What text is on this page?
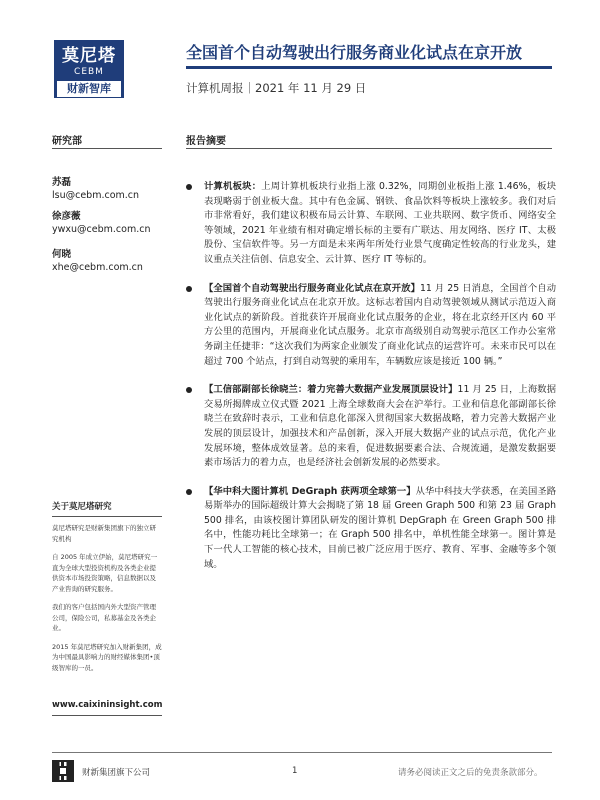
莫尼塔
CEBM
财新智库
全国首个自动驾驶出行服务商业化试点在京开放
计算机周报｜2021 年 11 月 29 日
研究部	报告摘要
苏磊
lsu@cebm.com.cn
徐彦薇
ywxu@cebm.com.cn
何晓
xhe@cebm.com.cn
关于莫尼塔研究

莫尼塔研究是财新集团旗下的独立研究机构

自 2005 年成立伊始，莫尼塔研究一直为全球大型投资机构及各类企业提供资本市场投资策略，信息数据以及产业咨询的研究服务。

我们的客户包括国内外大型资产管理公司，保险公司，私募基金及各类企业。

2015 年莫尼塔研究加入财新集团，成为中国最具影响力的财经媒体集团•顶级智库的一员。

www.caixininsight.com
计算机板块：上周计算机板块行业指上涨 0.32%，同期创业板指上涨 1.46%，板块表现略弱于创业板大盘。其中有色金属、钢铁、食品饮料等板块上涨较多。我们对后市非常看好，我们建议积极布局云计算、车联网、工业共联网、数字货币、网络安全等领域，2021 年业绩有相对确定增长标的主要有广联达、用友网络、医疗 IT、太极股份、宝信软件等。另一方面是未来两年所处行业景气度确定性较高的行业龙头，建议重点关注信创、信息安全、云计算、医疗 IT 等标的。
【全国首个自动驾驶出行服务商业化试点在京开放】11 月 25 日消息，全国首个自动驾驶出行服务商业化试点在北京开放。这标志着国内自动驾驶领域从测试示范迈入商业化试点的新阶段。首批获许开展商业化试点服务的企业，将在北京经开区内 60 平方公里的范围内，开展商业化试点服务。北京市高级别自动驾驶示范区工作办公室常务副主任捷菲：“这次我们为两家企业颁发了商业化试点的运营许可。未来市民可以在超过 700 个站点，打到自动驾驶的乘用车，车辆数应该是接近 100 辆。”
【工信部副部长徐晓兰：着力完善大数据产业发展顶层设计】11 月 25 日，上海数据交易所揭牌成立仪式暨 2021 上海全球数商大会在沪举行。工业和信息化部副部长徐晓兰在致辞时表示，工业和信息化部深入贯彻国家大数据战略，着力完善大数据产业发展的顶层设计，加强技术和产品创新，深入开展大数据产业的试点示范，优化产业发展环境，整体成效显著。总的来看，促进数据要素合法、合规流通，是激发数据要素市场活力的着力点，也是经济社会创新发展的必然要求。
【华中科大图计算机 DeGraph 获两项全球第一】从华中科技大学获悉，在美国圣路易斯举办的国际超级计算大会揭晓了第 18 届 Green Graph 500 和第 23 届 Graph 500 排名，由该校图计算团队研发的图计算机 DepGraph 在 Green Graph 500 排名中，性能功耗比全球第一；在 Graph 500 排名中，单机性能全球第一。图计算是下一代人工智能的核心技术，目前已被广泛应用于医疗、教育、军事、金融等多个领域。
财新集团旗下公司	1	请务必阅读正文之后的免责条款部分。
